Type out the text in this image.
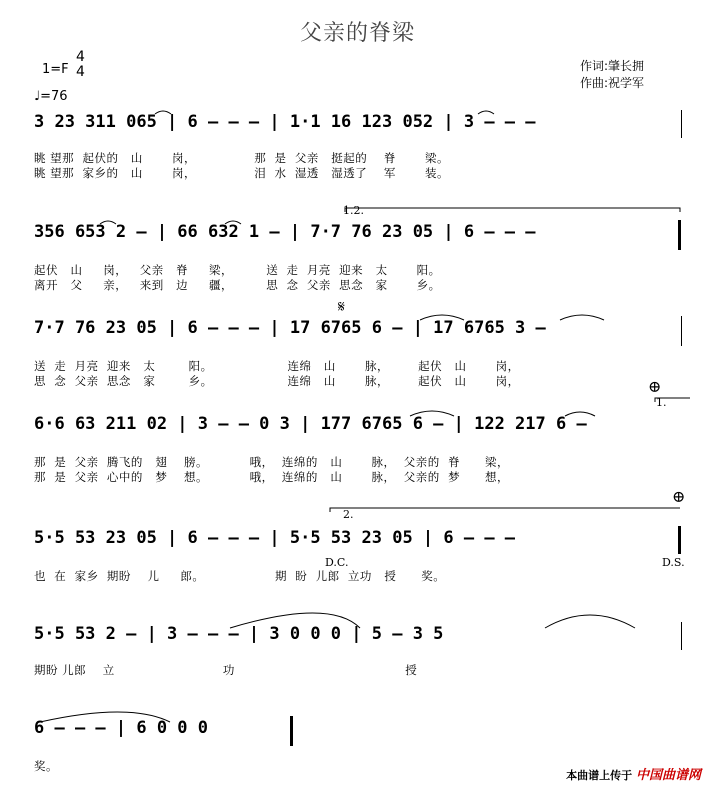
父亲的脊梁
1=F
4
4
♩=76
作词:肇长拥
作曲:祝学军
3 23 311 065 | 6 — — — | 1·1 16 123 052 | 3 — — —
眺 望那  起伏的   山       岗，              那  是  父亲   挺起的    脊       梁。
眺 望那  家乡的   山       岗，              泪  水  湿透   湿透了    军       装。
1.2.
356 653 2 — | 66 632 1 — | 7·7 76 23 05 | 6 — — —
起伏   山     岗，   父亲   脊     梁，        送  走  月亮  迎来   太       阳。
离开   父     亲，   来到   边     疆，        思  念  父亲  思念   家       乡。
7·7 76 23 05 | 6 — — — | 17 6765 6 — | 17 6765 3 —
送  走  月亮  迎来   太        阳。                  连绵   山       脉，       起伏   山       岗，
思  念  父亲  思念   家        乡。                  连绵   山       脉，       起伏   山       岗，
1.
6·6 63 211 02 | 3 — — 0 3 | 177 6765 6 — | 122 217 6 —
那  是  父亲  腾飞的   翅    膀。          哦，  连绵的   山       脉，  父亲的  脊      梁，
那  是  父亲  心中的   梦    想。          哦，  连绵的   山       脉，  父亲的  梦      想，
2.
5·5 53 23 05 | 6 — — — | 5·5 53 23 05 | 6 — — —
D.C.	D.S.
也  在  家乡  期盼    儿     郎。                 期  盼  儿郎  立功   授      奖。
5·5 53 2 — | 3 — — — | 3 0 0 0 | 5 — 3 5
期盼 儿郎    立                          功                                         授
6 — — — | 6 0 0 0
奖。
𝄋
⊕
⊕
本曲谱上传于 中国曲谱网
